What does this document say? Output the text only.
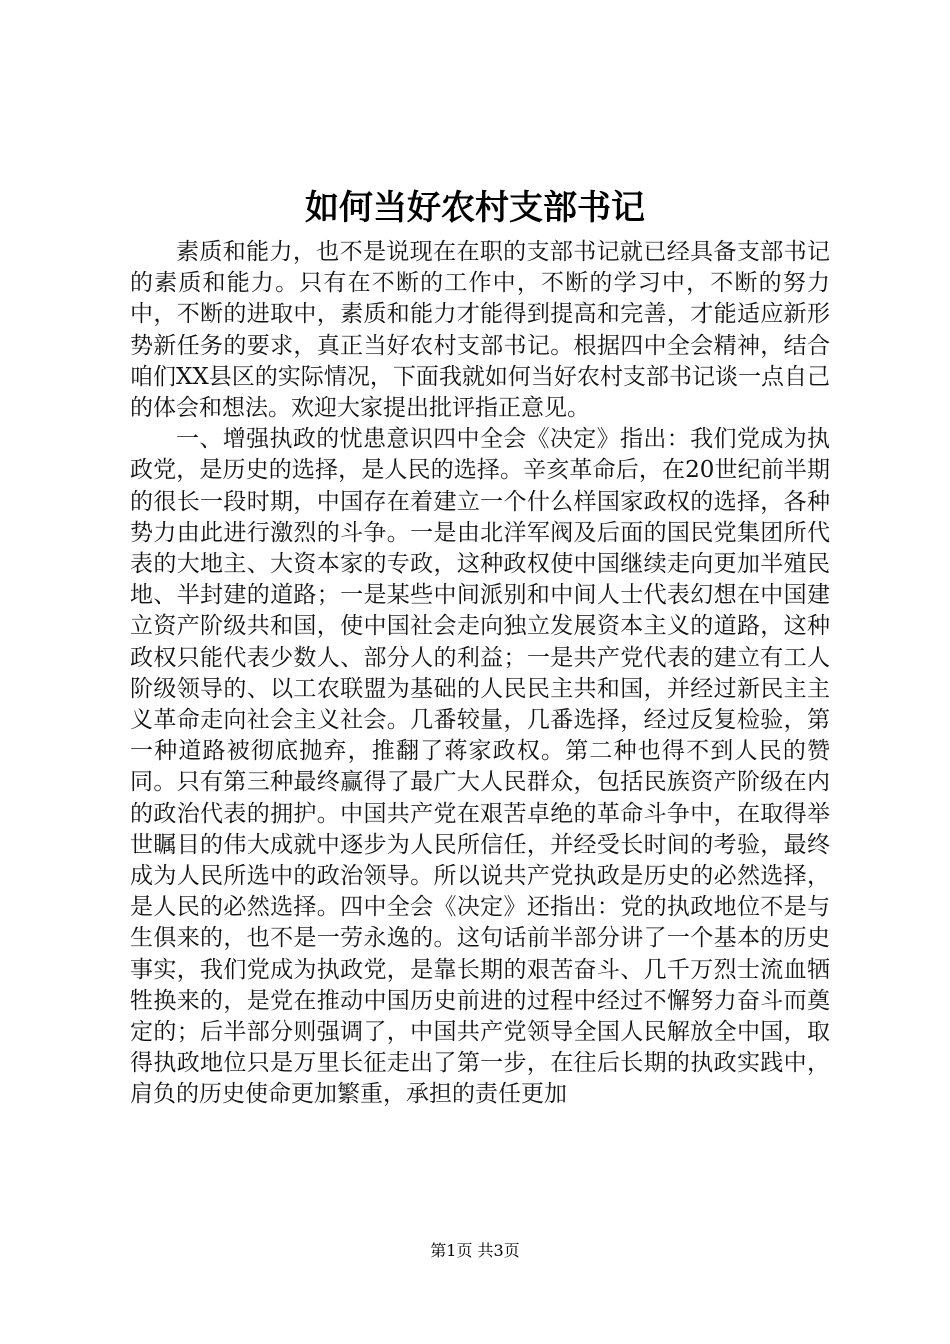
如何当好农村支部书记

素质和能力，也不是说现在在职的支部书记就已经具备支部书记的素质和能力。只有在不断的工作中，不断的学习中，不断的努力中，不断的进取中，素质和能力才能得到提高和完善，才能适应新形势新任务的要求，真正当好农村支部书记。根据四中全会精神，结合咱们XX县区的实际情况，下面我就如何当好农村支部书记谈一点自己的体会和想法。欢迎大家提出批评指正意见。

一、增强执政的忧患意识四中全会《决定》指出：我们党成为执政党，是历史的选择，是人民的选择。辛亥革命后，在20世纪前半期的很长一段时期，中国存在着建立一个什么样国家政权的选择，各种势力由此进行激烈的斗争。一是由北洋军阀及后面的国民党集团所代表的大地主、大资本家的专政，这种政权使中国继续走向更加半殖民地、半封建的道路；一是某些中间派别和中间人士代表幻想在中国建立资产阶级共和国，使中国社会走向独立发展资本主义的道路，这种政权只能代表少数人、部分人的利益；一是共产党代表的建立有工人阶级领导的、以工农联盟为基础的人民民主共和国，并经过新民主主义革命走向社会主义社会。几番较量，几番选择，经过反复检验，第一种道路被彻底抛弃，推翻了蒋家政权。第二种也得不到人民的赞同。只有第三种最终赢得了最广大人民群众，包括民族资产阶级在内的政治代表的拥护。中国共产党在艰苦卓绝的革命斗争中，在取得举世瞩目的伟大成就中逐步为人民所信任，并经受长时间的考验，最终成为人民所选中的政治领导。所以说共产党执政是历史的必然选择，是人民的必然选择。四中全会《决定》还指出：党的执政地位不是与生俱来的，也不是一劳永逸的。这句话前半部分讲了一个基本的历史事实，我们党成为执政党，是靠长期的艰苦奋斗、几千万烈士流血牺牲换来的，是党在推动中国历史前进的过程中经过不懈努力奋斗而奠定的；后半部分则强调了，中国共产党领导全国人民解放全中国，取得执政地位只是万里长征走出了第一步，在往后长期的执政实践中，肩负的历史使命更加繁重，承担的责任更加

第1页 共3页
